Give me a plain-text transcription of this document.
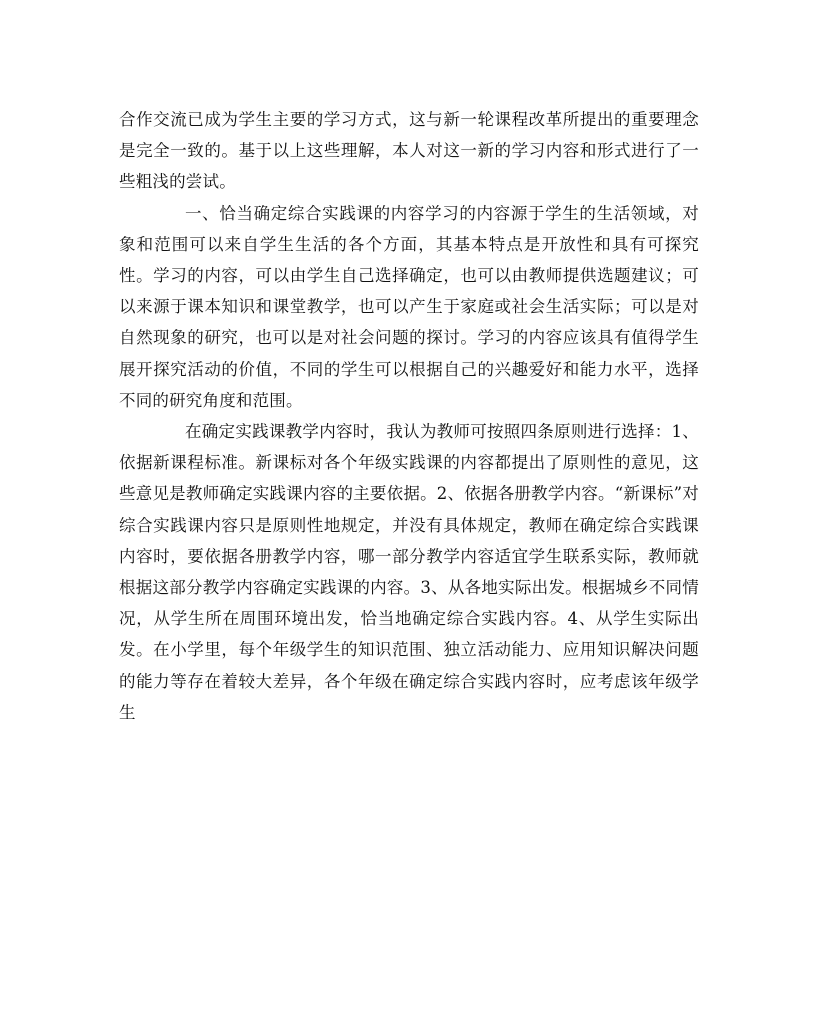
合作交流已成为学生主要的学习方式，这与新一轮课程改革所提出的重要理念是完全一致的。基于以上这些理解，本人对这一新的学习内容和形式进行了一些粗浅的尝试。

一、恰当确定综合实践课的内容学习的内容源于学生的生活领域，对象和范围可以来自学生生活的各个方面，其基本特点是开放性和具有可探究性。学习的内容，可以由学生自己选择确定，也可以由教师提供选题建议；可以来源于课本知识和课堂教学，也可以产生于家庭或社会生活实际；可以是对自然现象的研究，也可以是对社会问题的探讨。学习的内容应该具有值得学生展开探究活动的价值，不同的学生可以根据自己的兴趣爱好和能力水平，选择不同的研究角度和范围。

在确定实践课教学内容时，我认为教师可按照四条原则进行选择：1、依据新课程标准。新课标对各个年级实践课的内容都提出了原则性的意见，这些意见是教师确定实践课内容的主要依据。2、依据各册教学内容。“新课标”对综合实践课内容只是原则性地规定，并没有具体规定，教师在确定综合实践课内容时，要依据各册教学内容，哪一部分教学内容适宜学生联系实际，教师就根据这部分教学内容确定实践课的内容。3、从各地实际出发。根据城乡不同情况，从学生所在周围环境出发，恰当地确定综合实践内容。4、从学生实际出发。在小学里，每个年级学生的知识范围、独立活动能力、应用知识解决问题的能力等存在着较大差异，各个年级在确定综合实践内容时，应考虑该年级学生
